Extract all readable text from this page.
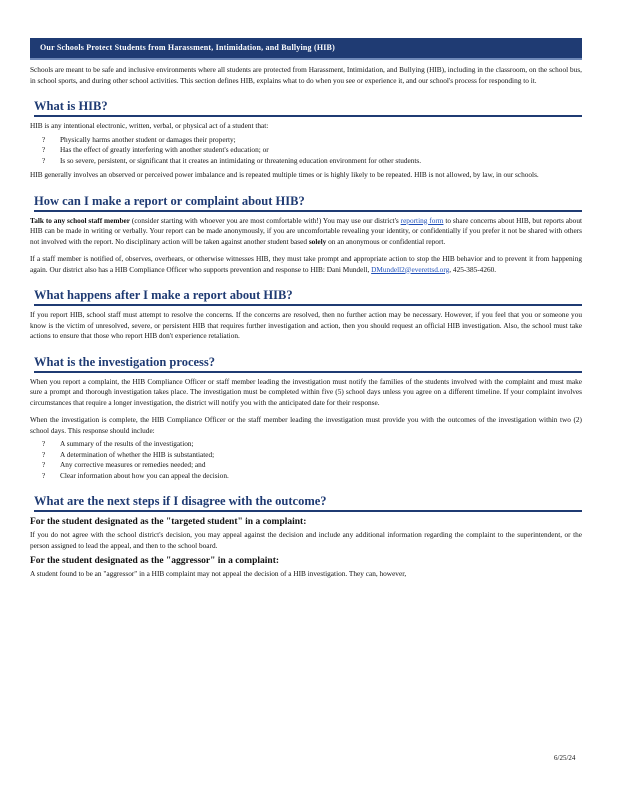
Our Schools Protect Students from Harassment, Intimidation, and Bullying (HIB)

Schools are meant to be safe and inclusive environments where all students are protected from Harassment, Intimidation, and Bullying (HIB), including in the classroom, on the school bus, in school sports, and during other school activities. This section defines HIB, explains what to do when you see or experience it, and our school's process for responding to it.

What is HIB?

HIB is any intentional electronic, written, verbal, or physical act of a student that:

? Physically harms another student or damages their property;
? Has the effect of greatly interfering with another student's education; or
? Is so severe, persistent, or significant that it creates an intimidating or threatening education environment for other students.

HIB generally involves an observed or perceived power imbalance and is repeated multiple times or is highly likely to be repeated. HIB is not allowed, by law, in our schools.

How can I make a report or complaint about HIB?

Talk to any school staff member (consider starting with whoever you are most comfortable with!) You may use our district's reporting form to share concerns about HIB, but reports about HIB can be made in writing or verbally. Your report can be made anonymously, if you are uncomfortable revealing your identity, or confidentially if you prefer it not be shared with others not involved with the report. No disciplinary action will be taken against another student based solely on an anonymous or confidential report.

If a staff member is notified of, observes, overhears, or otherwise witnesses HIB, they must take prompt and appropriate action to stop the HIB behavior and to prevent it from happening again. Our district also has a HIB Compliance Officer who supports prevention and response to HIB: Dani Mundell, DMundell2@everettsd.org, 425-385-4260.

What happens after I make a report about HIB?

If you report HIB, school staff must attempt to resolve the concerns. If the concerns are resolved, then no further action may be necessary. However, if you feel that you or someone you know is the victim of unresolved, severe, or persistent HIB that requires further investigation and action, then you should request an official HIB investigation. Also, the school must take actions to ensure that those who report HIB don't experience retaliation.

What is the investigation process?

When you report a complaint, the HIB Compliance Officer or staff member leading the investigation must notify the families of the students involved with the complaint and must make sure a prompt and thorough investigation takes place. The investigation must be completed within five (5) school days unless you agree on a different timeline. If your complaint involves circumstances that require a longer investigation, the district will notify you with the anticipated date for their response.

When the investigation is complete, the HIB Compliance Officer or the staff member leading the investigation must provide you with the outcomes of the investigation within two (2) school days. This response should include:

? A summary of the results of the investigation;
? A determination of whether the HIB is substantiated;
? Any corrective measures or remedies needed; and
? Clear information about how you can appeal the decision.
What are the next steps if I disagree with the outcome?
For the student designated as the "targeted student" in a complaint:

If you do not agree with the school district's decision, you may appeal against the decision and include any additional information regarding the complaint to the superintendent, or the person assigned to lead the appeal, and then to the school board.

For the student designated as the "aggressor" in a complaint:

A student found to be an "aggressor" in a HIB complaint may not appeal the decision of a HIB investigation. They can, however,

6/25/24
